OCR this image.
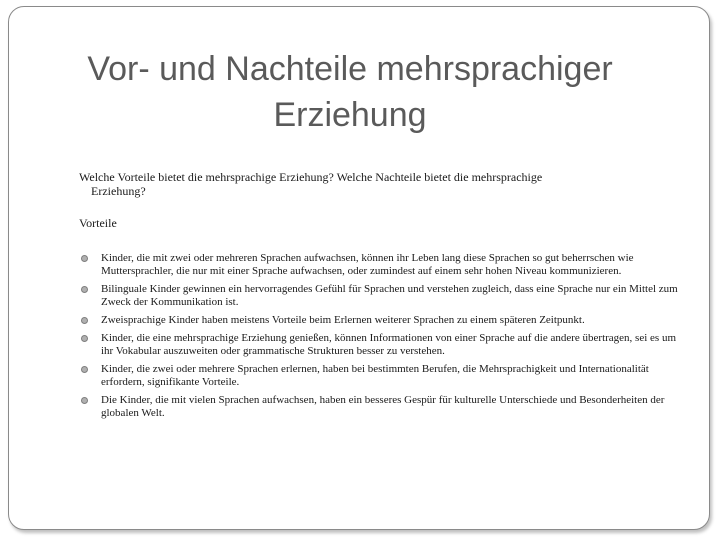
Vor- und Nachteile mehrsprachiger
Erziehung
Welche Vorteile bietet die mehrsprachige Erziehung? Welche Nachteile bietet die mehrsprachige
Erziehung?
Vorteile
Kinder, die mit zwei oder mehreren Sprachen aufwachsen, können ihr Leben lang diese Sprachen so gut beherrschen wie Muttersprachler, die nur mit einer Sprache aufwachsen, oder zumindest auf einem sehr hohen Niveau kommunizieren.
Bilinguale Kinder gewinnen ein hervorragendes Gefühl für Sprachen und verstehen zugleich, dass eine Sprache nur ein Mittel zum Zweck der Kommunikation ist.
Zweisprachige Kinder haben meistens Vorteile beim Erlernen weiterer Sprachen zu einem späteren Zeitpunkt.
Kinder, die eine mehrsprachige Erziehung genießen, können Informationen von einer Sprache auf die andere übertragen, sei es um ihr Vokabular auszuweiten oder grammatische Strukturen besser zu verstehen.
Kinder, die zwei oder mehrere Sprachen erlernen, haben bei bestimmten Berufen, die Mehrsprachigkeit und Internationalität erfordern, signifikante Vorteile.
Die Kinder, die mit vielen Sprachen aufwachsen, haben ein besseres Gespür für kulturelle Unterschiede und Besonderheiten der globalen Welt.
